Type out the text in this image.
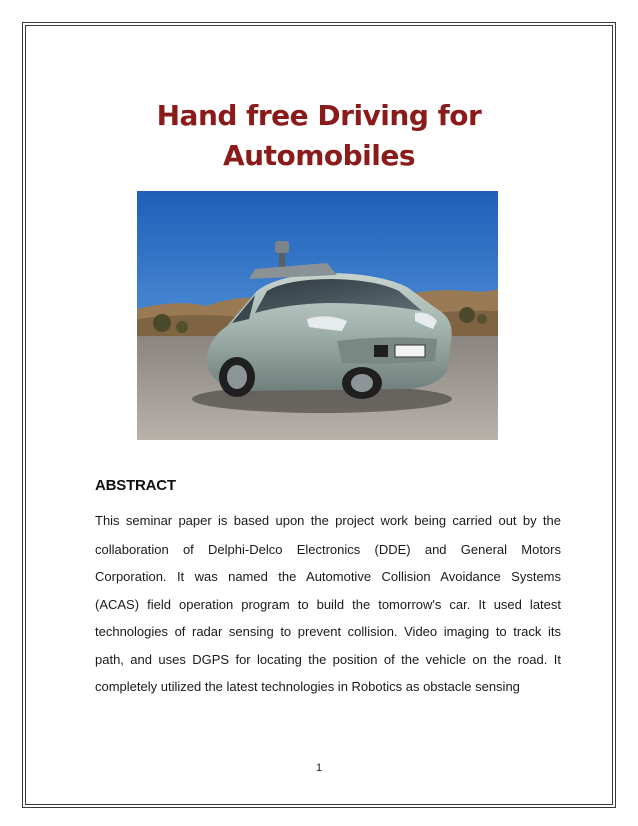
Hand free Driving for
Automobiles
ABSTRACT
This seminar paper is based upon the project work being carried out by the
collaboration of Delphi-Delco Electronics (DDE) and General Motors
Corporation. It was named the Automotive Collision Avoidance Systems
(ACAS) field operation program to build the tomorrow's car. It used latest
technologies of radar sensing to prevent collision. Video imaging to track its
path, and uses DGPS for locating the position of the vehicle on the road. It
completely utilized the latest technologies in Robotics as obstacle sensing
1
